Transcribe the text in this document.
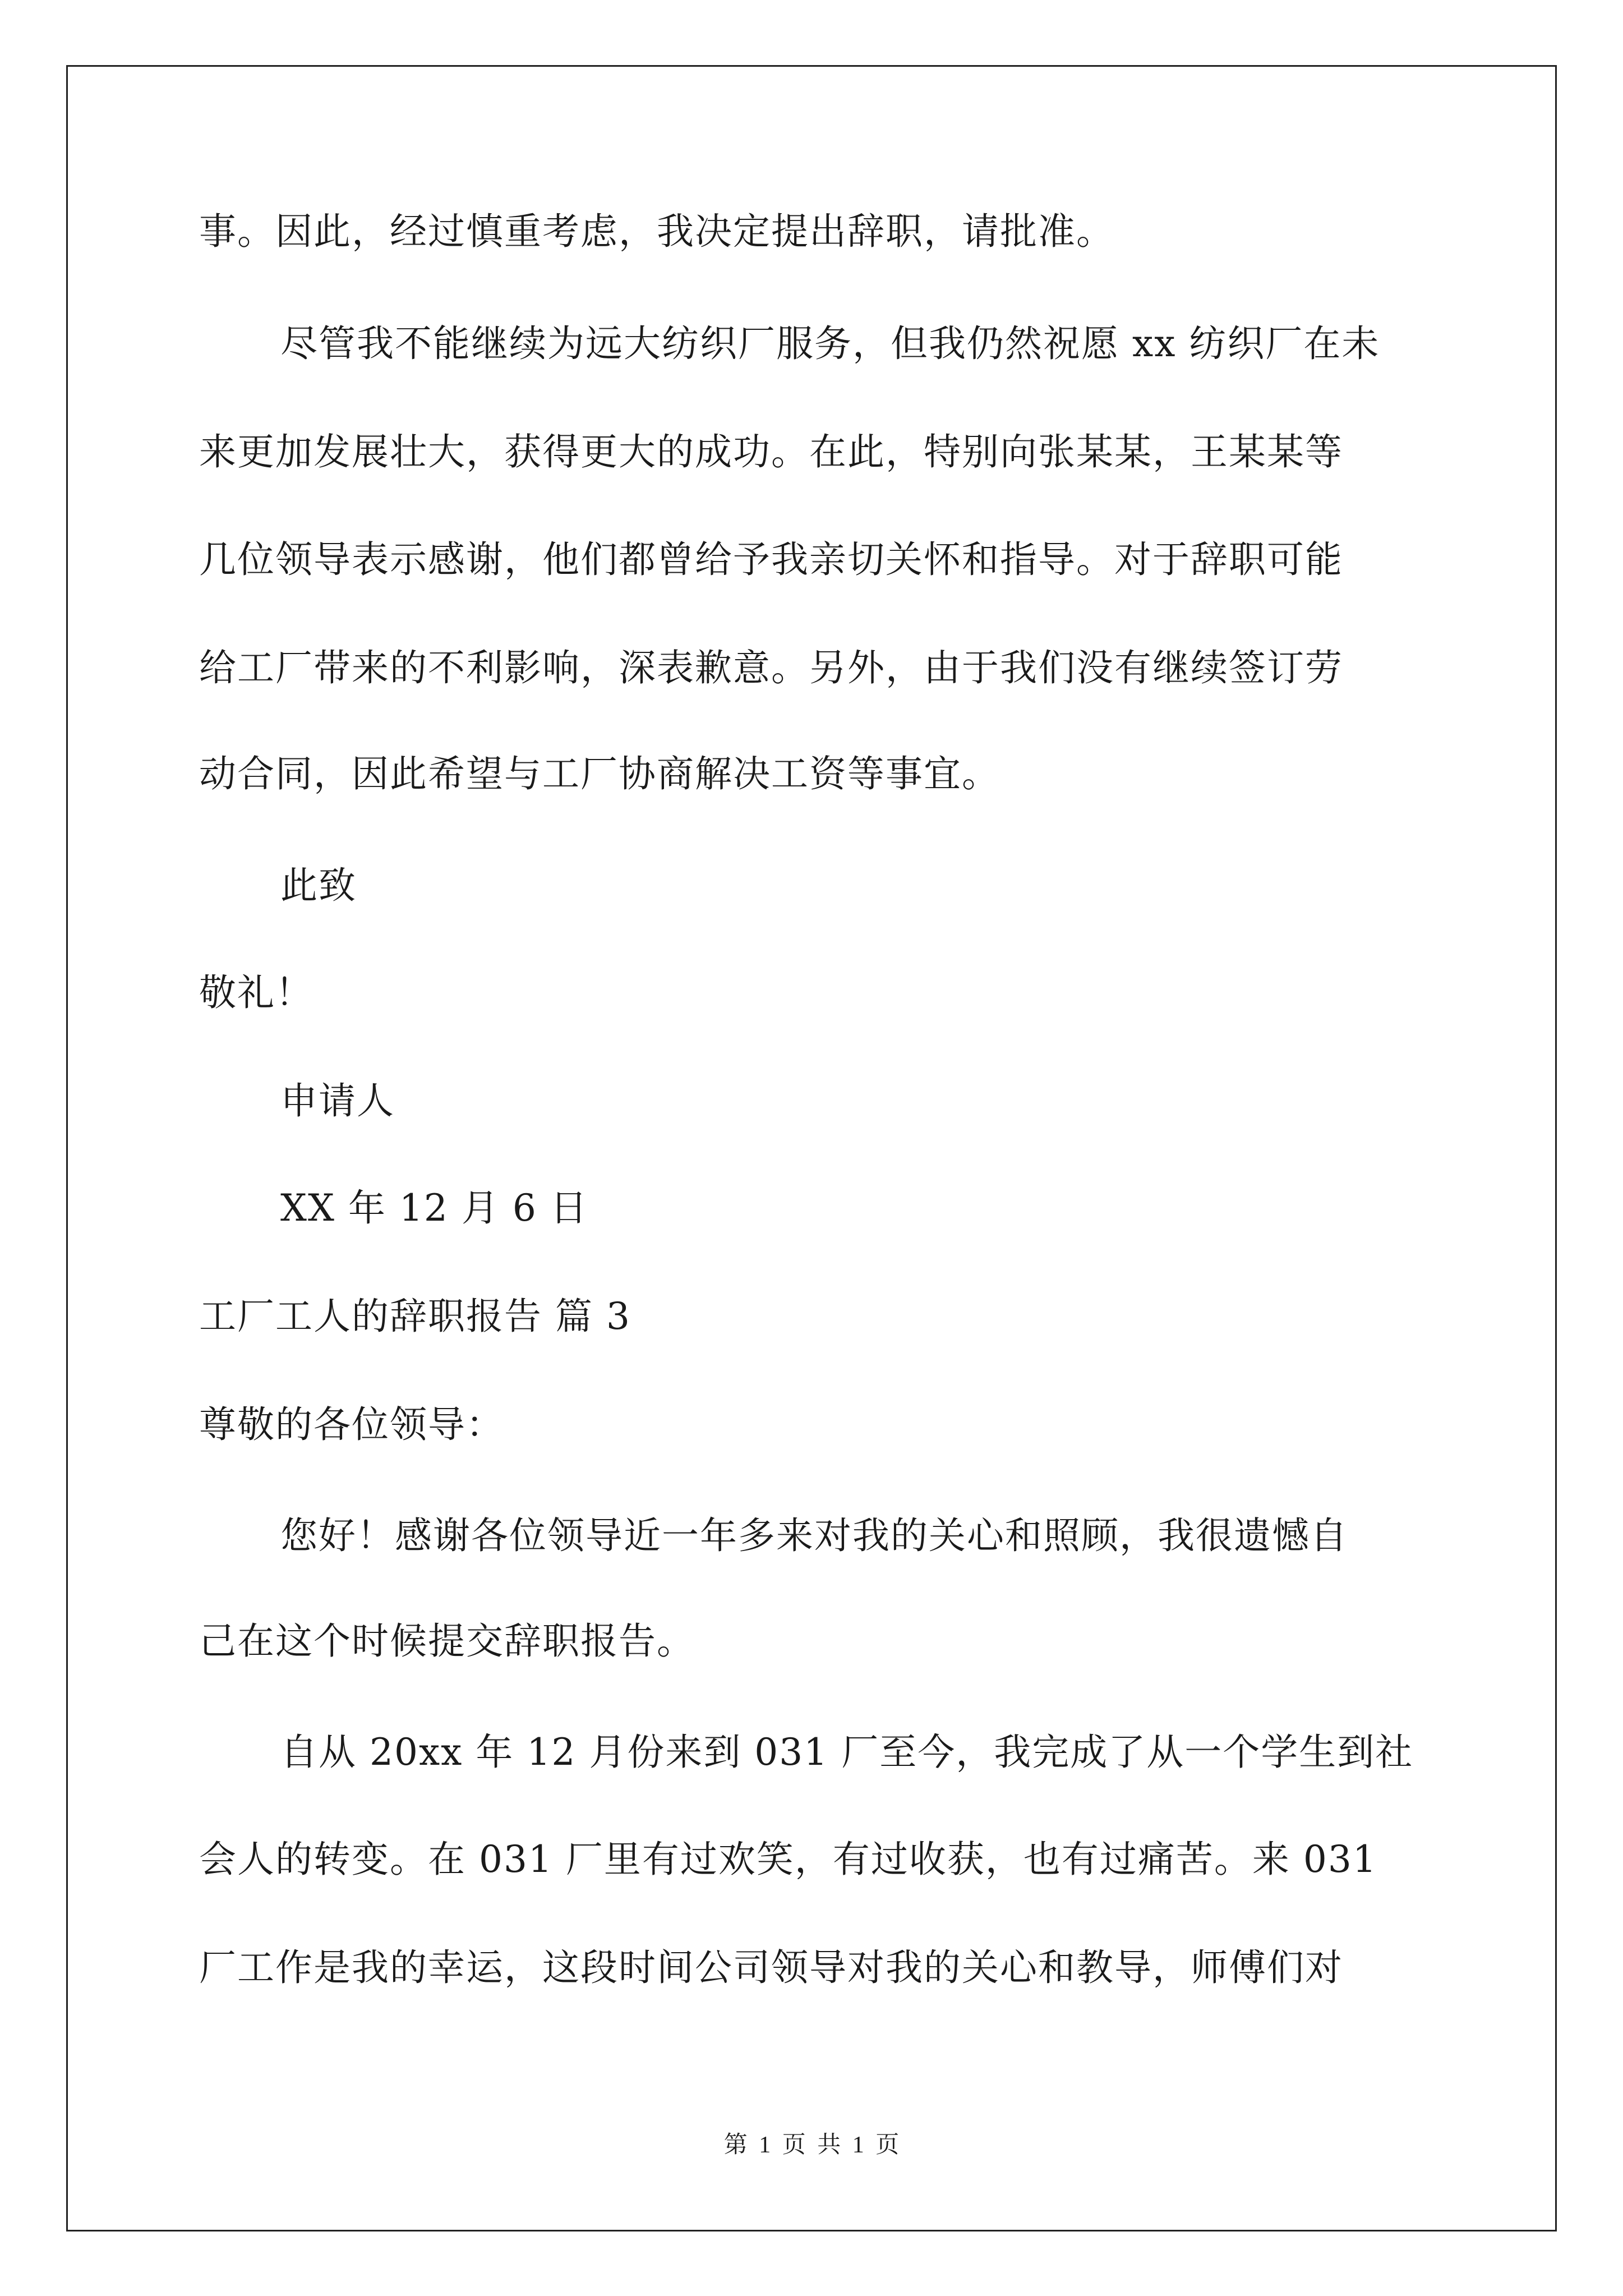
事。因此，经过慎重考虑，我决定提出辞职，请批准。
尽管我不能继续为远大纺织厂服务，但我仍然祝愿 xx 纺织厂在未
来更加发展壮大，获得更大的成功。在此，特别向张某某，王某某等
几位领导表示感谢，他们都曾给予我亲切关怀和指导。对于辞职可能
给工厂带来的不利影响，深表歉意。另外，由于我们没有继续签订劳
动合同，因此希望与工厂协商解决工资等事宜。
此致
敬礼！
申请人
XX 年 12 月 6 日
工厂工人的辞职报告 篇 3
尊敬的各位领导：
您好！感谢各位领导近一年多来对我的关心和照顾，我很遗憾自
己在这个时候提交辞职报告。
自从 20xx 年 12 月份来到 031 厂至今，我完成了从一个学生到社
会人的转变。在 031 厂里有过欢笑，有过收获，也有过痛苦。来 031
第 1 页 共 1 页
厂工作是我的幸运，这段时间公司领导对我的关心和教导，师傅们对
